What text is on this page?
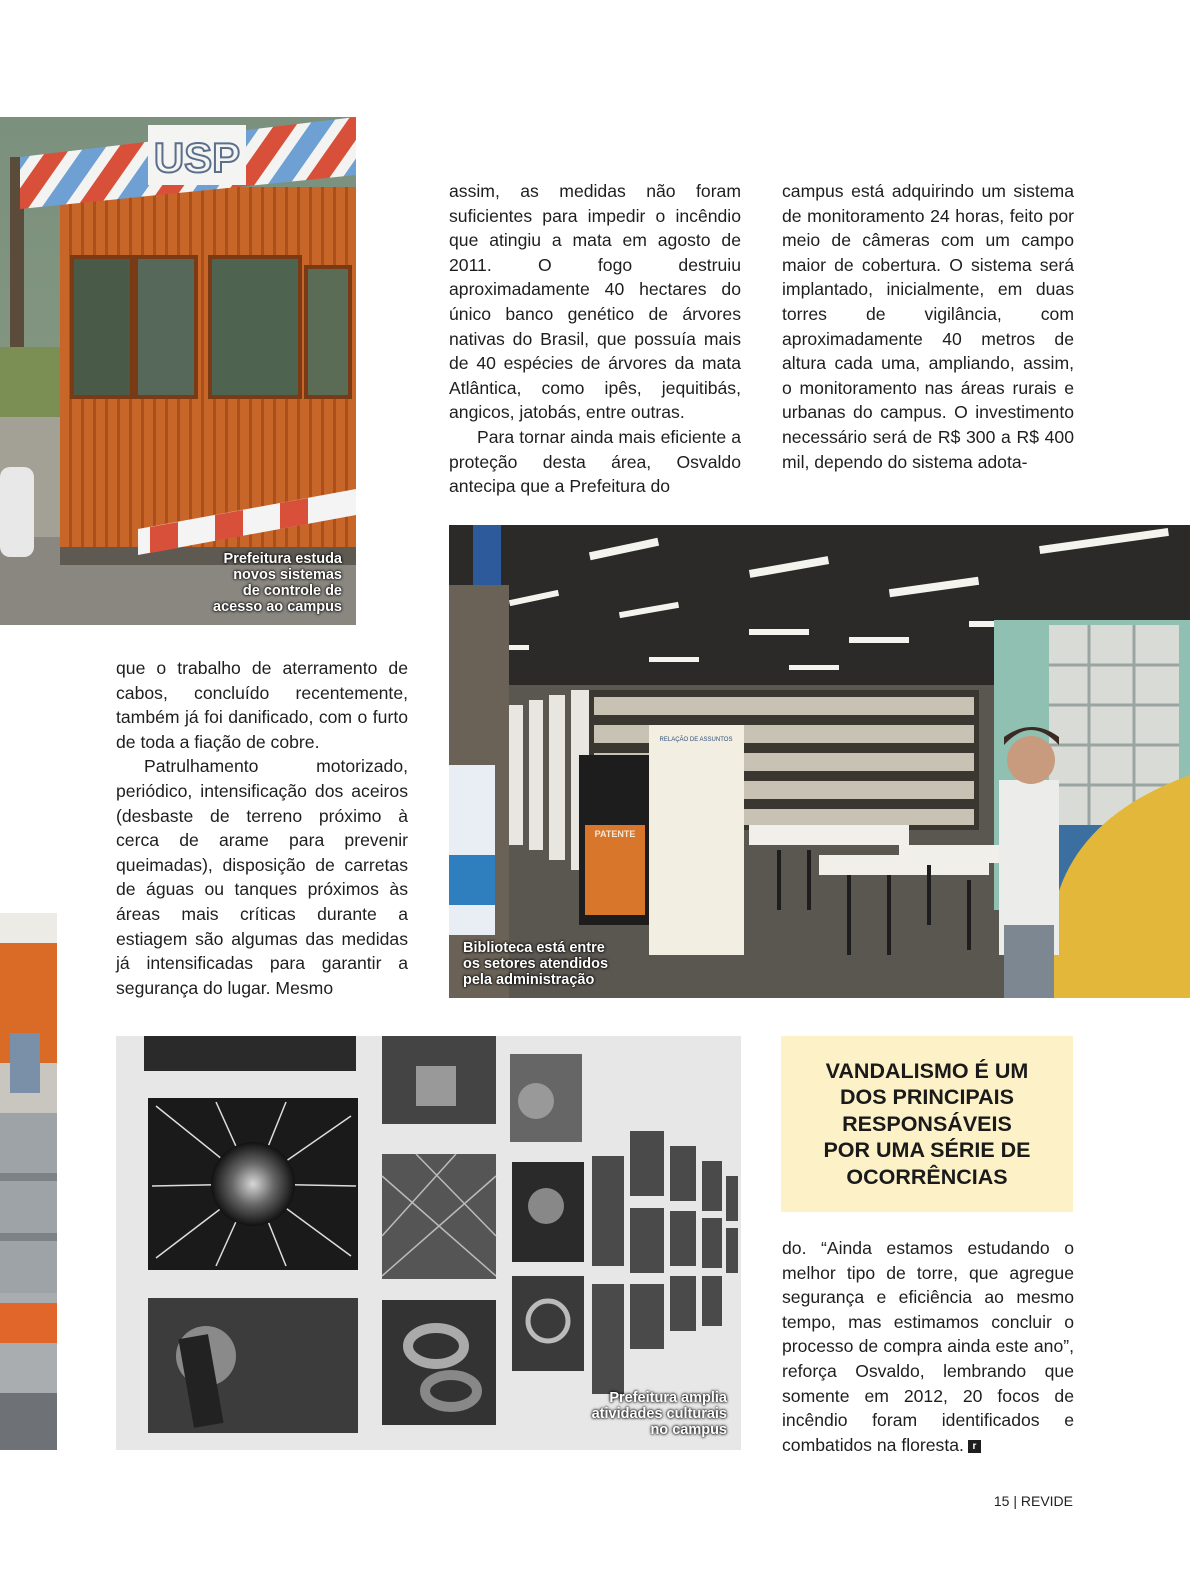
USP
Prefeitura estuda
novos sistemas
de controle de
acesso ao campus

assim, as medidas não foram suficientes para impedir o incêndio que atingiu a mata em agosto de 2011. O fogo destruiu aproximadamente 40 hectares do único banco genético de árvores nativas do Brasil, que possuía mais de 40 espécies de árvores da mata Atlântica, como ipês, jequitibás, angicos, jatobás, entre outras.

Para tornar ainda mais eficiente a proteção desta área, Osvaldo antecipa que a Prefeitura do

campus está adquirindo um sistema de monitoramento 24 horas, feito por meio de câmeras com um campo maior de cobertura. O sistema será implantado, inicialmente, em duas torres de vigilância, com aproximadamente 40 metros de altura cada uma, ampliando, assim, o monitoramento nas áreas rurais e urbanas do campus. O investimento necessário será de R$ 300 a R$ 400 mil, dependo do sistema adota-

RELAÇÃO DE ASSUNTOS
PATENTE
Biblioteca está entre
os setores atendidos
pela administração

que o trabalho de aterramento de cabos, concluído recentemente, também já foi danificado, com o furto de toda a fiação de cobre.

Patrulhamento motorizado, periódico, intensificação dos aceiros (desbaste de terreno próximo à cerca de arame para prevenir queimadas), disposição de carretas de águas ou tanques próximos às áreas mais críticas durante a estiagem são algumas das medidas já intensificadas para garantir a segurança do lugar. Mesmo

Prefeitura amplia
atividades culturais
no campus
VANDALISMO É UM
DOS PRINCIPAIS
RESPONSÁVEIS
POR UMA SÉRIE DE
OCORRÊNCIAS

do. “Ainda estamos estudando o melhor tipo de torre, que agregue segurança e eficiência ao mesmo tempo, mas estimamos concluir o processo de compra ainda este ano”, reforça Osvaldo, lembrando que somente em 2012, 20 focos de incêndio foram identificados e combatidos na floresta. r

15 | REVIDE
